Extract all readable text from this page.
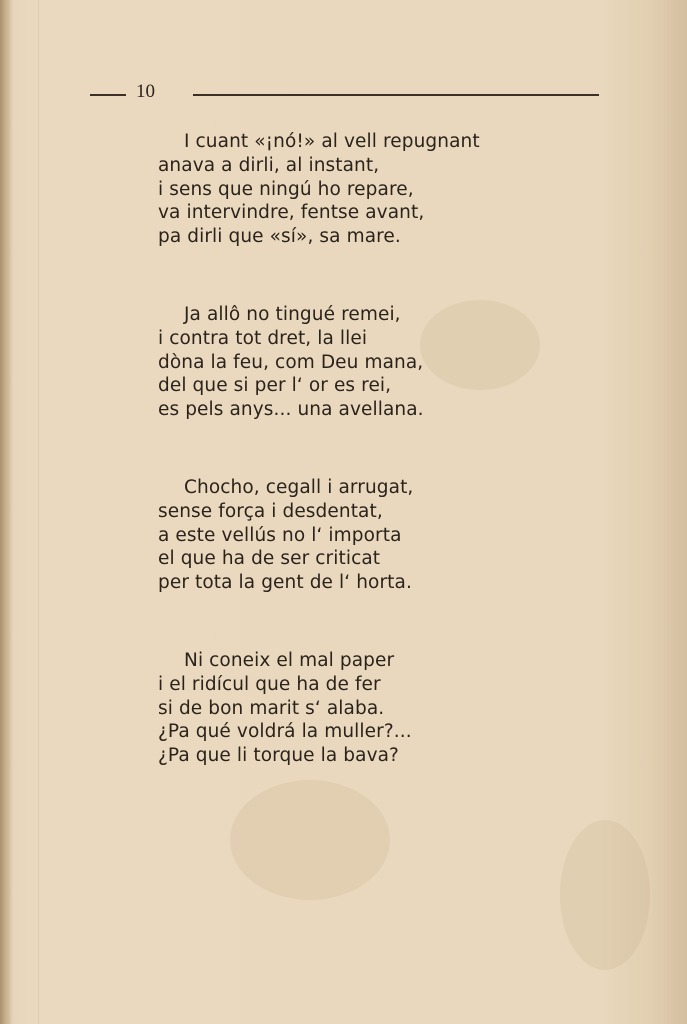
10
I cuant «¡nó!» al vell repugnant
anava a dirli, al instant,
i sens que ningú ho repare,
va intervindre, fentse avant,
pa dirli que «sí», sa mare.
Ja allô no tingué remei,
i contra tot dret, la llei
dòna la feu, com Deu mana,
del que si per l‘ or es rei,
es pels anys... una avellana.
Chocho, cegall i arrugat,
sense força i desdentat,
a este vellús no l‘ importa
el que ha de ser criticat
per tota la gent de l‘ horta.
Ni coneix el mal paper
i el ridícul que ha de fer
si de bon marit s‘ alaba.
¿Pa qué voldrá la muller?...
¿Pa que li torque la bava?
